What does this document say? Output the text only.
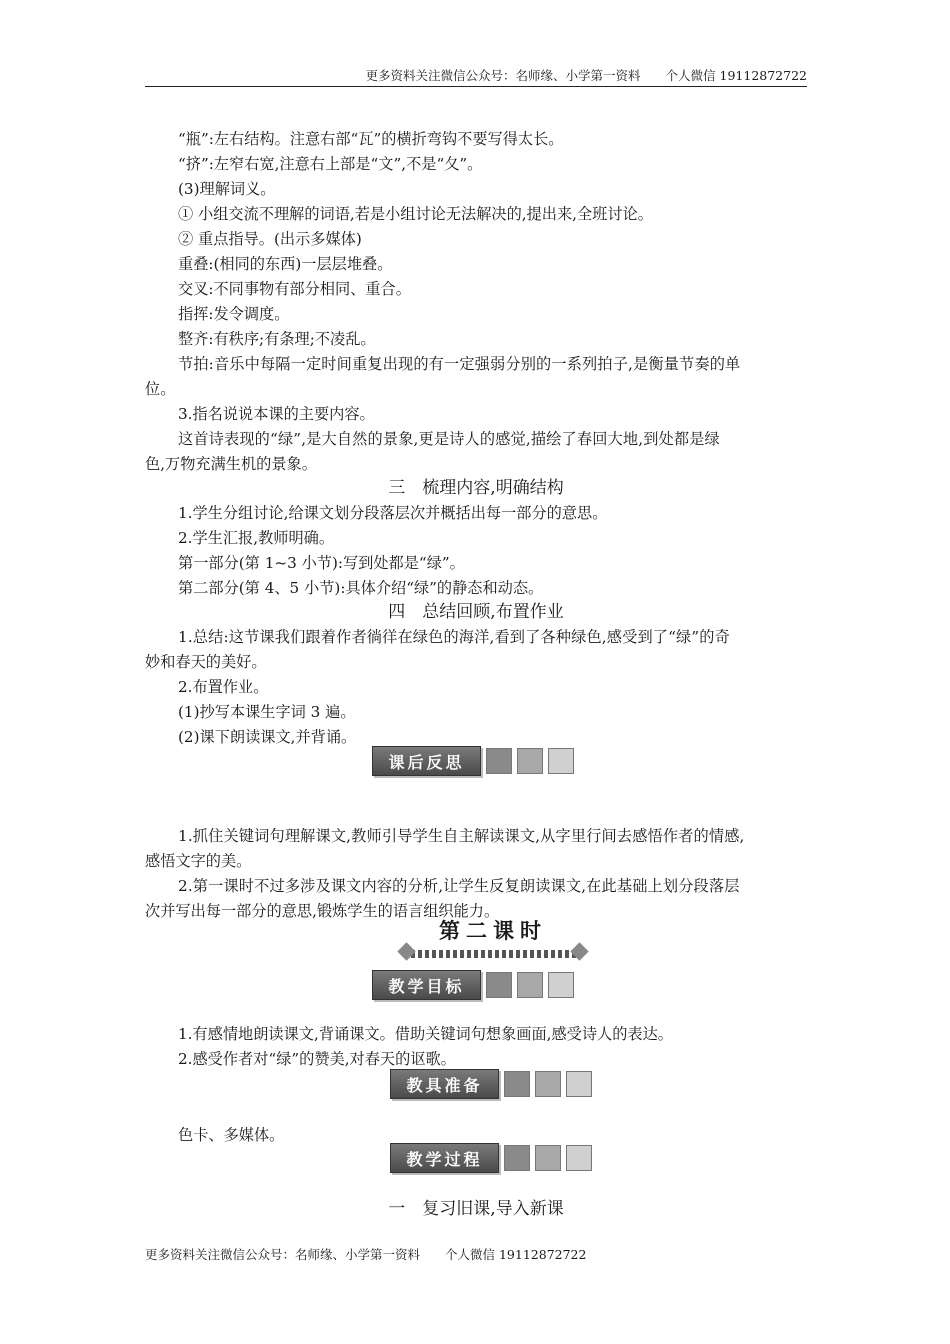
更多资料关注微信公众号：名师缘、小学第一资料　　个人微信 19112872722
“瓶”:左右结构。注意右部“瓦”的横折弯钩不要写得太长。
“挤”:左窄右宽,注意右上部是“文”,不是“夂”。
(3)理解词义。
① 小组交流不理解的词语,若是小组讨论无法解决的,提出来,全班讨论。
② 重点指导。(出示多媒体)
重叠:(相同的东西)一层层堆叠。
交叉:不同事物有部分相同、重合。
指挥:发令调度。
整齐:有秩序;有条理;不凌乱。
节拍:音乐中每隔一定时间重复出现的有一定强弱分别的一系列拍子,是衡量节奏的单
位。
3.指名说说本课的主要内容。
这首诗表现的“绿”,是大自然的景象,更是诗人的感觉,描绘了春回大地,到处都是绿
色,万物充满生机的景象。
三　梳理内容,明确结构
1.学生分组讨论,给课文划分段落层次并概括出每一部分的意思。
2.学生汇报,教师明确。
第一部分(第 1~3 小节):写到处都是“绿”。
第二部分(第 4、5 小节):具体介绍“绿”的静态和动态。
四　总结回顾,布置作业
1.总结:这节课我们跟着作者徜徉在绿色的海洋,看到了各种绿色,感受到了“绿”的奇
妙和春天的美好。
2.布置作业。
(1)抄写本课生字词 3 遍。
(2)课下朗读课文,并背诵。
课后反思
1.抓住关键词句理解课文,教师引导学生自主解读课文,从字里行间去感悟作者的情感,
感悟文字的美。
2.第一课时不过多涉及课文内容的分析,让学生反复朗读课文,在此基础上划分段落层
次并写出每一部分的意思,锻炼学生的语言组织能力。
第二课时
教学目标
1.有感情地朗读课文,背诵课文。借助关键词句想象画面,感受诗人的表达。
2.感受作者对“绿”的赞美,对春天的讴歌。
教具准备
色卡、多媒体。
教学过程
一　复习旧课,导入新课
更多资料关注微信公众号：名师缘、小学第一资料　　个人微信 19112872722
